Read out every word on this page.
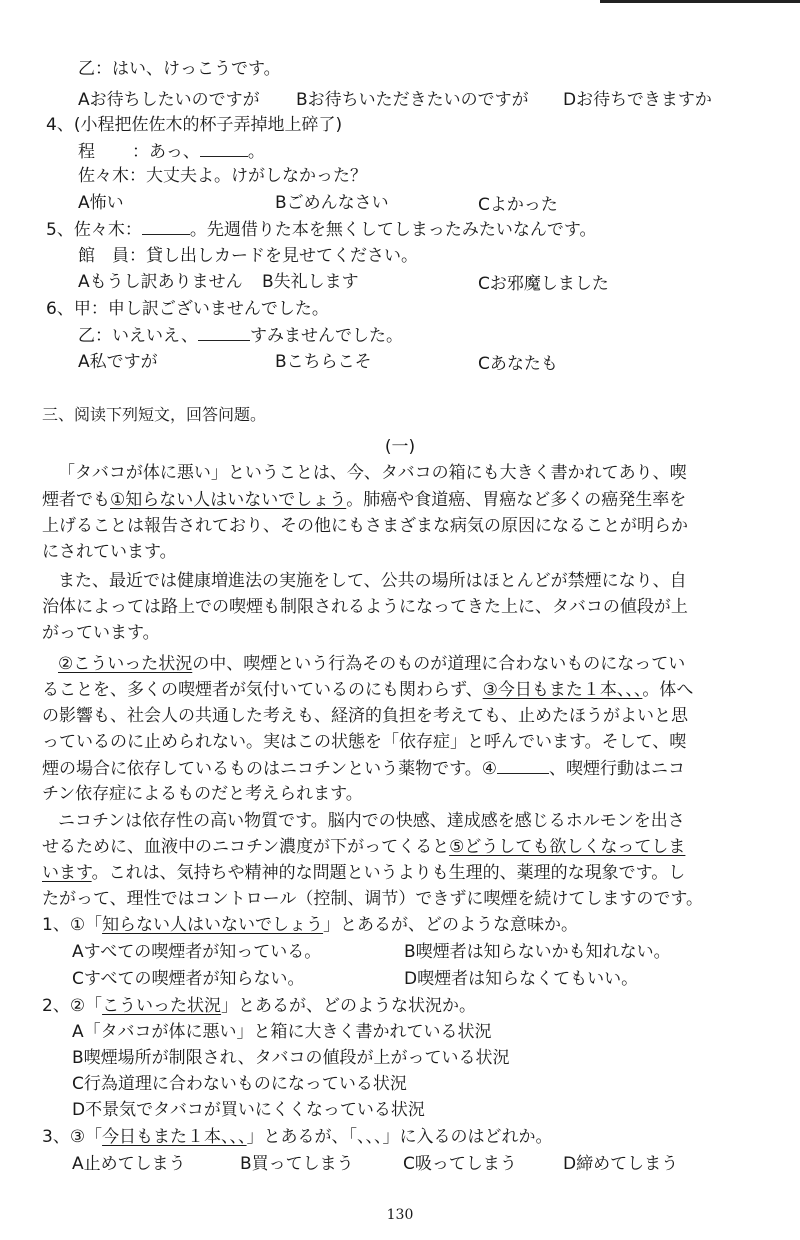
乙：はい、けっこうです。
Aお待ちしたいのですが Bお待ちいただきたいのですが Dお待ちできますか
4、(小程把佐佐木的杯子弄掉地上碎了)
程 ：あっ、	。
佐々木：大丈夫よ。けがしなかった？
A怖い	Bごめんなさい	Cよかった
5、佐々木：	。先週借りた本を無くしてしまったみたいなんです。
館　員：貸し出しカードを見せてください。
Aもうし訳ありません B失礼します	Cお邪魔しました
6、甲：申し訳ございませんでした。
乙：いえいえ、	すみませんでした。
A私ですが	Bこちらこそ	Cあなたも
三、阅读下列短文，回答问题。
(一)
「タバコが体に悪い」ということは、今、タバコの箱にも大きく書かれてあり、喫
煙者でも①知らない人はいないでしょう。肺癌や食道癌、胃癌など多くの癌発生率を
上げることは報告されており、その他にもさまざまな病気の原因になることが明らか
にされています。
また、最近では健康増進法の実施をして、公共の場所はほとんどが禁煙になり、自
治体によっては路上での喫煙も制限されるようになってきた上に、タバコの値段が上
がっています。
②こういった状況の中、喫煙という行為そのものが道理に合わないものになってい
ることを、多くの喫煙者が気付いているのにも関わらず、③今日もまた１本、、、。体へ
の影響も、社会人の共通した考えも、経済的負担を考えても、止めたほうがよいと思
っているのに止められない。実はこの状態を「依存症」と呼んでいます。そして、喫
煙の場合に依存しているものはニコチンという薬物です。④	、喫煙行動はニコ
チン依存症によるものだと考えられます。
ニコチンは依存性の高い物質です。脳内での快感、達成感を感じるホルモンを出さ
せるために、血液中のニコチン濃度が下がってくると⑤どうしても欲しくなってしま
います。これは、気持ちや精神的な問題というよりも生理的、薬理的な現象です。し
たがって、理性ではコントロール（控制、调节）できずに喫煙を続けてしますのです。
1、①「知らない人はいないでしょう」とあるが、どのような意味か。
Aすべての喫煙者が知っている。	B喫煙者は知らないかも知れない。
Cすべての喫煙者が知らない。	D喫煙者は知らなくてもいい。
2、②「こういった状況」とあるが、どのような状況か。
A「タバコが体に悪い」と箱に大きく書かれている状況
B喫煙場所が制限され、タバコの値段が上がっている状況
C行為道理に合わないものになっている状況
D不景気でタバコが買いにくくなっている状況
3、③「今日もまた１本、、、」とあるが、「、、、」に入るのはどれか。
A止めてしまう	B買ってしまう	C吸ってしまう	D締めてしまう
130
